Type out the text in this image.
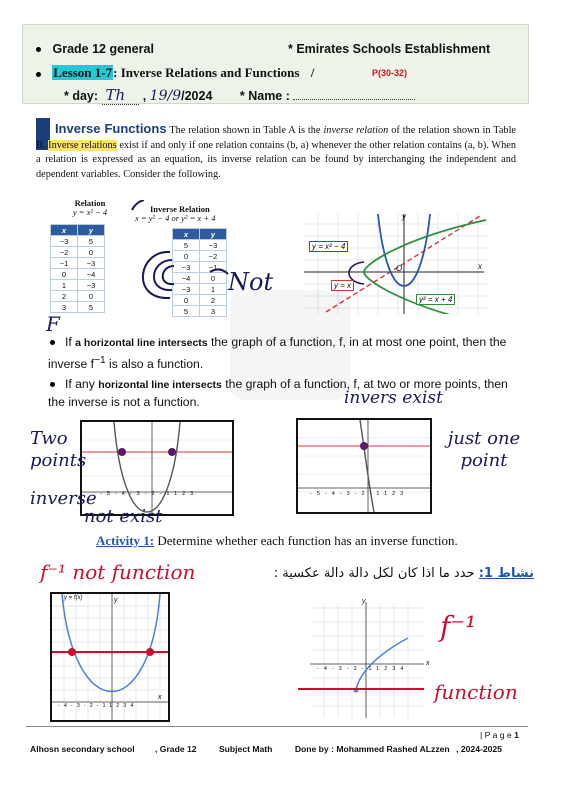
Grade 12 general	* Emirates Schools Establishment
Lesson 1-7: Inverse Relations and Functions /	P(30-32)
* day: Th , 19/9/2024 * Name :
Inverse Functions The relation shown in Table A is the inverse relation of the relation shown in Table B. Inverse relations exist if and only if one relation contains (b, a) whenever the other relation contains (a, b). When a relation is expressed as an equation, its inverse relation can be found by interchanging the independent and dependent variables. Consider the following.
Relation
y = x² − 4
x	y
−3	5
−2	0
−1	−3
0	−4
1	−3
2	0
3	5
Inverse Relation
x = y² − 4 or y² = x + 4
x	y
5	−3
0	−2
−3	−1
−4	0
−3	1
0	2
5	3
Not
F
y = x² − 4
y = x
y² = x + 4
y
x
O
If a horizontal line intersects the graph of a function, f, in at most one point, then the inverse $f^{-1}$ is also a function.
If any horizontal line intersects the graph of a function, f, at two or more points, then the inverse is not a function.	invers exist
-5-4-3-2-1123	-5-4-3-2-1123
Two points
inverse
not exist
just one point
Activity 1: Determine whether each function has an inverse function.
f⁻¹ not function	نشاط 1: حدد ما اذا كان لكل دالة دالة عكسية :
y = f(x)	y
x
-4-3-2-11234
y
x
-4-3-2-11234
f⁻¹
function
| P a g e 1
Alhosn secondary school , Grade 12	Subject Math	Done by : Mohammed Rashed ALzzen , 2024-2025
